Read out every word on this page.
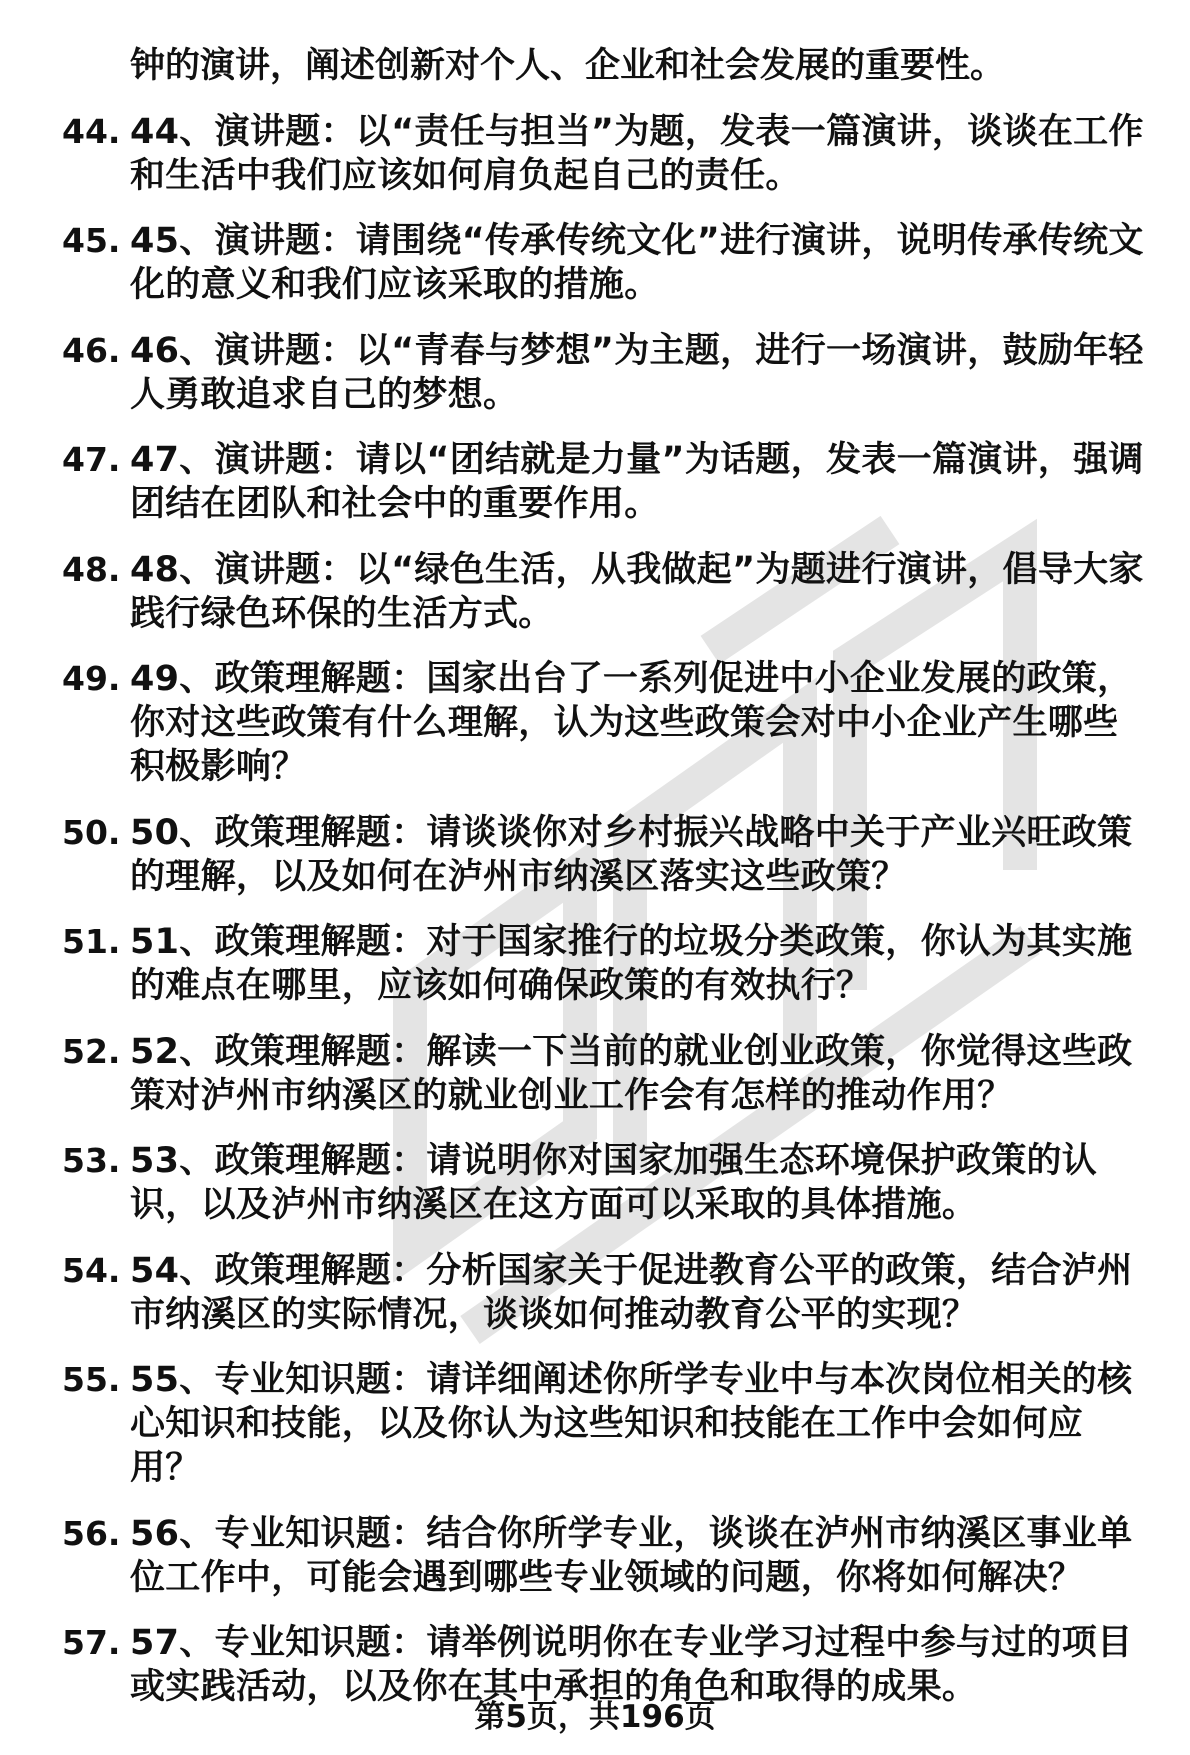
钟的演讲，阐述创新对个人、企业和社会发展的重要性。

44. 44、演讲题：以“责任与担当”为题，发表一篇演讲，谈谈在工作和生活中我们应该如何肩负起自己的责任。
45. 45、演讲题：请围绕“传承传统文化”进行演讲，说明传承传统文化的意义和我们应该采取的措施。
46. 46、演讲题：以“青春与梦想”为主题，进行一场演讲，鼓励年轻人勇敢追求自己的梦想。
47. 47、演讲题：请以“团结就是力量”为话题，发表一篇演讲，强调团结在团队和社会中的重要作用。
48. 48、演讲题：以“绿色生活，从我做起”为题进行演讲，倡导大家践行绿色环保的生活方式。
49. 49、政策理解题：国家出台了一系列促进中小企业发展的政策，你对这些政策有什么理解，认为这些政策会对中小企业产生哪些积极影响？
50. 50、政策理解题：请谈谈你对乡村振兴战略中关于产业兴旺政策的理解，以及如何在泸州市纳溪区落实这些政策？
51. 51、政策理解题：对于国家推行的垃圾分类政策，你认为其实施的难点在哪里，应该如何确保政策的有效执行？
52. 52、政策理解题：解读一下当前的就业创业政策，你觉得这些政策对泸州市纳溪区的就业创业工作会有怎样的推动作用？
53. 53、政策理解题：请说明你对国家加强生态环境保护政策的认识，以及泸州市纳溪区在这方面可以采取的具体措施。
54. 54、政策理解题：分析国家关于促进教育公平的政策，结合泸州市纳溪区的实际情况，谈谈如何推动教育公平的实现？
55. 55、专业知识题：请详细阐述你所学专业中与本次岗位相关的核心知识和技能，以及你认为这些知识和技能在工作中会如何应用？
56. 56、专业知识题：结合你所学专业，谈谈在泸州市纳溪区事业单位工作中，可能会遇到哪些专业领域的问题，你将如何解决？
57. 57、专业知识题：请举例说明你在专业学习过程中参与过的项目或实践活动，以及你在其中承担的角色和取得的成果。
第5页，共196页
